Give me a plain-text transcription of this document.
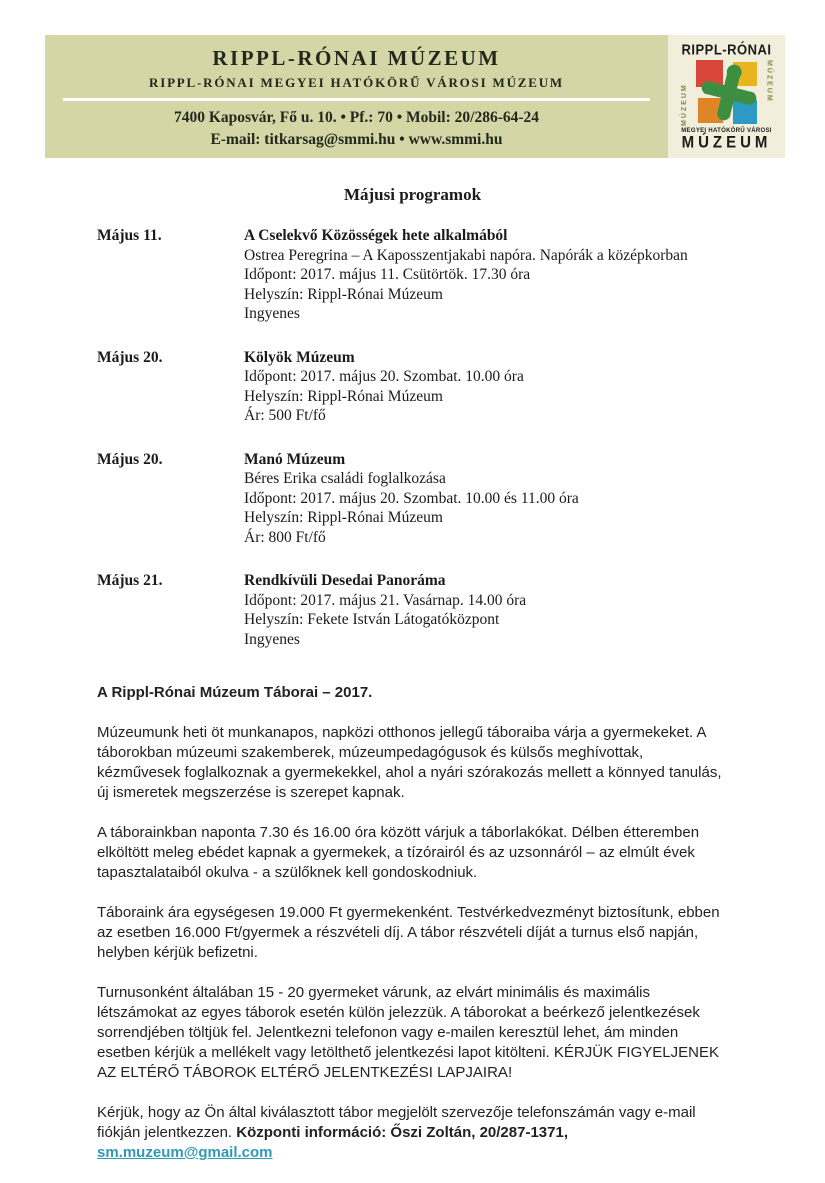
RIPPL-RÓNAI MÚZEUM
RIPPL-RÓNAI MEGYEI HATÓKÖRŰ VÁROSI MÚZEUM
7400 Kaposvár, Fő u. 10. • Pf.: 70 • Mobil: 20/286-64-24
E-mail: titkarsag@smmi.hu • www.smmi.hu
RIPPL-RÓNAI
MÚZEUM
MÚZEUM
MEGYEI HATÓKÖRŰ VÁROSI
MÚZEUM
Májusi programok
Május 11.	A Cselekvő Közösségek hete alkalmából
Ostrea Peregrina – A Kaposszentjakabi napóra. Napórák a középkorban
Időpont: 2017. május 11. Csütörtök. 17.30 óra
Helyszín: Rippl-Rónai Múzeum
Ingyenes
Május 20.	Kölyök Múzeum
Időpont: 2017. május 20. Szombat. 10.00 óra
Helyszín: Rippl-Rónai Múzeum
Ár: 500 Ft/fő
Május 20.	Manó Múzeum
Béres Erika családi foglalkozása
Időpont: 2017. május 20. Szombat. 10.00 és 11.00 óra
Helyszín: Rippl-Rónai Múzeum
Ár: 800 Ft/fő
Május 21.	Rendkívüli Desedai Panoráma
Időpont: 2017. május 21. Vasárnap. 14.00 óra
Helyszín: Fekete István Látogatóközpont
Ingyenes
A Rippl-Rónai Múzeum Táborai – 2017.

Múzeumunk heti öt munkanapos, napközi otthonos jellegű táboraiba várja a gyermekeket. A táborokban múzeumi szakemberek, múzeumpedagógusok és külsős meghívottak, kézművesek foglalkoznak a gyermekekkel, ahol a nyári szórakozás mellett a könnyed tanulás, új ismeretek megszerzése is szerepet kapnak.

A táborainkban naponta 7.30 és 16.00 óra között várjuk a táborlakókat. Délben étteremben elköltött meleg ebédet kapnak a gyermekek, a tízórairól és az uzsonnáról – az elmúlt évek tapasztalataiból okulva - a szülőknek kell gondoskodniuk.

Táboraink ára egységesen 19.000 Ft gyermekenként. Testvérkedvezményt biztosítunk, ebben az esetben 16.000 Ft/gyermek a részvételi díj. A tábor részvételi díját a turnus első napján, helyben kérjük befizetni.

Turnusonként általában 15 - 20 gyermeket várunk, az elvárt minimális és maximális létszámokat az egyes táborok esetén külön jelezzük. A táborokat a beérkező jelentkezések sorrendjében töltjük fel. Jelentkezni telefonon vagy e-mailen keresztül lehet, ám minden esetben kérjük a mellékelt vagy letölthető jelentkezési lapot kitölteni. KÉRJÜK FIGYELJENEK AZ ELTÉRŐ TÁBOROK ELTÉRŐ JELENTKEZÉSI LAPJAIRA!

Kérjük, hogy az Ön által kiválasztott tábor megjelölt szervezője telefonszámán vagy e-mail fiókján jelentkezzen. Központi információ: Őszi Zoltán, 20/287-1371, sm.muzeum@gmail.com
